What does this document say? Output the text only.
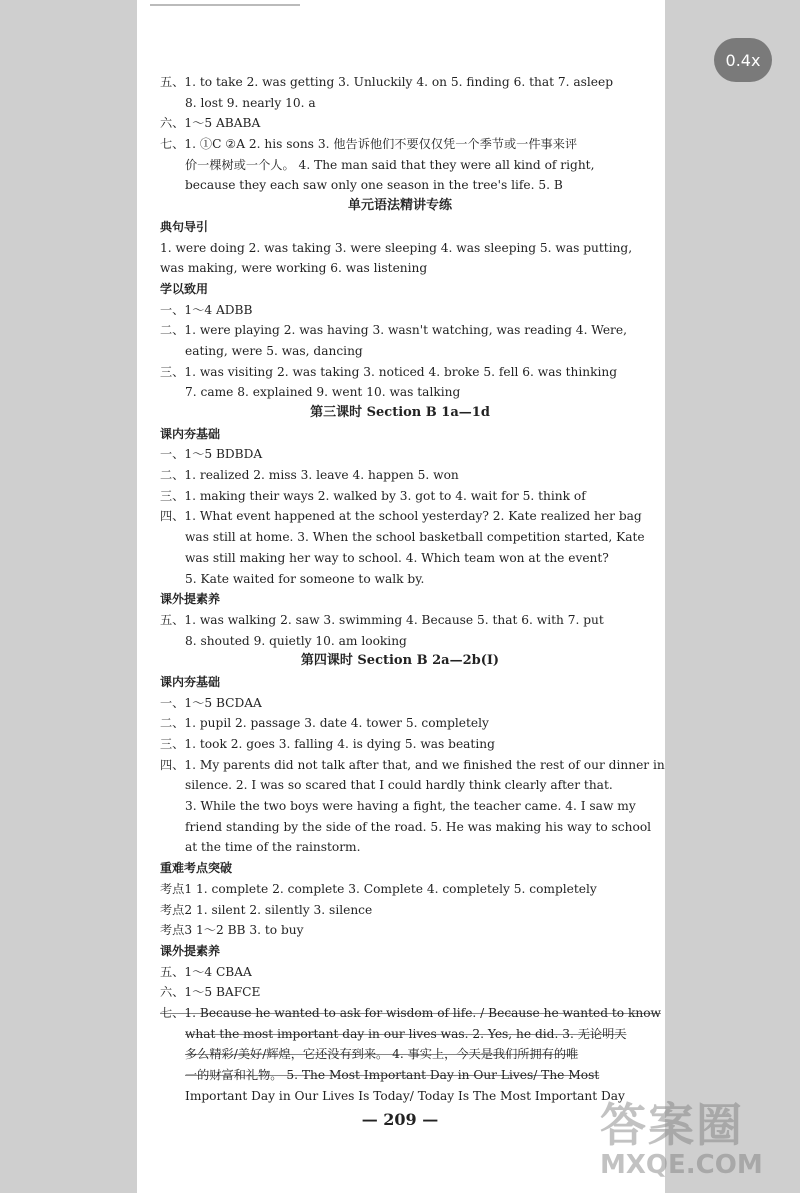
五、1. to take 2. was getting 3. Unluckily 4. on 5. finding 6. that 7. asleep
8. lost 9. nearly 10. a
六、1～5 ABABA
七、1. ①C ②A 2. his sons 3. 他告诉他们不要仅仅凭一个季节或一件事来评
价一棵树或一个人。 4. The man said that they were all kind of right,
because they each saw only one season in the tree's life. 5. B
单元语法精讲专练
典句导引
1. were doing 2. was taking 3. were sleeping 4. was sleeping 5. was putting,
was making, were working 6. was listening
学以致用
一、1～4 ADBB
二、1. were playing 2. was having 3. wasn't watching, was reading 4. Were,
eating, were 5. was, dancing
三、1. was visiting 2. was taking 3. noticed 4. broke 5. fell 6. was thinking
7. came 8. explained 9. went 10. was talking
第三课时 Section B 1a—1d
课内夯基础
一、1～5 BDBDA
二、1. realized 2. miss 3. leave 4. happen 5. won
三、1. making their ways 2. walked by 3. got to 4. wait for 5. think of
四、1. What event happened at the school yesterday? 2. Kate realized her bag
was still at home. 3. When the school basketball competition started, Kate
was still making her way to school. 4. Which team won at the event?
5. Kate waited for someone to walk by.
课外提素养
五、1. was walking 2. saw 3. swimming 4. Because 5. that 6. with 7. put
8. shouted 9. quietly 10. am looking
第四课时 Section B 2a—2b(Ⅰ)
课内夯基础
一、1～5 BCDAA
二、1. pupil 2. passage 3. date 4. tower 5. completely
三、1. took 2. goes 3. falling 4. is dying 5. was beating
四、1. My parents did not talk after that, and we finished the rest of our dinner in
silence. 2. I was so scared that I could hardly think clearly after that.
3. While the two boys were having a fight, the teacher came. 4. I saw my
friend standing by the side of the road. 5. He was making his way to school
at the time of the rainstorm.
重难考点突破
考点1 1. complete 2. complete 3. Complete 4. completely 5. completely
考点2 1. silent 2. silently 3. silence
考点3 1～2 BB 3. to buy
课外提素养
五、1～4 CBAA
六、1～5 BAFCE
七、1. Because he wanted to ask for wisdom of life. / Because he wanted to know
what the most important day in our lives was. 2. Yes, he did. 3. 无论明天
多么精彩/美好/辉煌，它还没有到来。 4. 事实上，今天是我们所拥有的唯
一的财富和礼物。 5. The Most Important Day in Our Lives/ The Most
Important Day in Our Lives Is Today/ Today Is The Most Important Day
— 209 —
0.4x
答案圈
MXQE.COM
